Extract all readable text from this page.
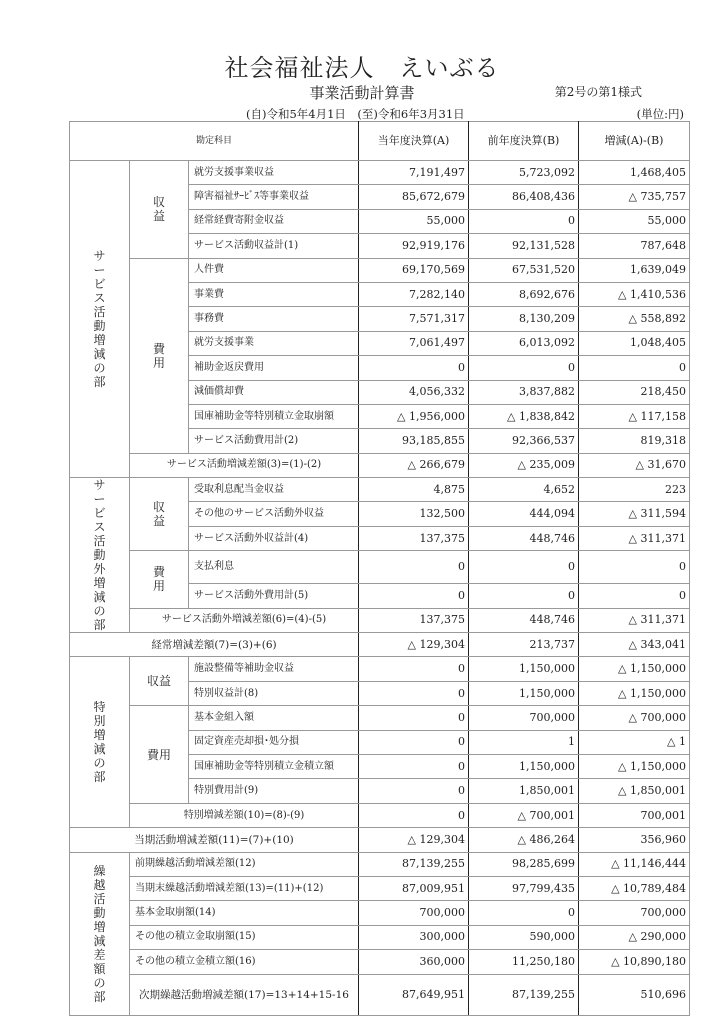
社会福祉法人　えいぶる
事業活動計算書	第2号の第1様式
(自)令和5年4月1日　(至)令和6年3月31日	(単位:円)
勘定科目			当年度決算(A)	前年度決算(B)	増減(A)-(B)
サービス活動増減の部	収益	就労支援事業収益	7,191,497	5,723,092	1,468,405
		障害福祉ｻｰﾋﾞｽ等事業収益	85,672,679	86,408,436	△ 735,757
		経常経費寄附金収益	55,000	0	55,000
		サービス活動収益計(1)	92,919,176	92,131,528	787,648
	費用	人件費	69,170,569	67,531,520	1,639,049
		事業費	7,282,140	8,692,676	△ 1,410,536
		事務費	7,571,317	8,130,209	△ 558,892
		就労支援事業	7,061,497	6,013,092	1,048,405
		補助金返戻費用	0	0	0
		減価償却費	4,056,332	3,837,882	218,450
		国庫補助金等特別積立金取崩額	△ 1,956,000	△ 1,838,842	△ 117,158
		サービス活動費用計(2)	93,185,855	92,366,537	819,318
	サービス活動増減差額(3)=(1)-(2)		△ 266,679	△ 235,009	△ 31,670
サービス活動外増減の部	収益	受取利息配当金収益	4,875	4,652	223
		その他のサービス活動外収益	132,500	444,094	△ 311,594
		サービス活動外収益計(4)	137,375	448,746	△ 311,371
	費用	支払利息	0	0	0
		サービス活動外費用計(5)	0	0	0
	サービス活動外増減差額(6)=(4)-(5)		137,375	448,746	△ 311,371
経常増減差額(7)=(3)+(6)			△ 129,304	213,737	△ 343,041
特別増減の部	収益	施設整備等補助金収益	0	1,150,000	△ 1,150,000
		特別収益計(8)	0	1,150,000	△ 1,150,000
	費用	基本金組入額	0	700,000	△ 700,000
		固定資産売却損･処分損	0	1	△ 1
		国庫補助金等特別積立金積立額	0	1,150,000	△ 1,150,000
		特別費用計(9)	0	1,850,001	△ 1,850,001
	特別増減差額(10)=(8)-(9)		0	△ 700,001	700,001
当期活動増減差額(11)=(7)+(10)			△ 129,304	△ 486,264	356,960
繰越活動増減差額の部	前期繰越活動増減差額(12)		87,139,255	98,285,699	△ 11,146,444
	当期末繰越活動増減差額(13)=(11)+(12)		87,009,951	97,799,435	△ 10,789,484
	基本金取崩額(14)		700,000	0	700,000
	その他の積立金取崩額(15)		300,000	590,000	△ 290,000
	その他の積立金積立額(16)		360,000	11,250,180	△ 10,890,180
	次期繰越活動増減差額(17)=13+14+15-16		87,649,951	87,139,255	510,696
